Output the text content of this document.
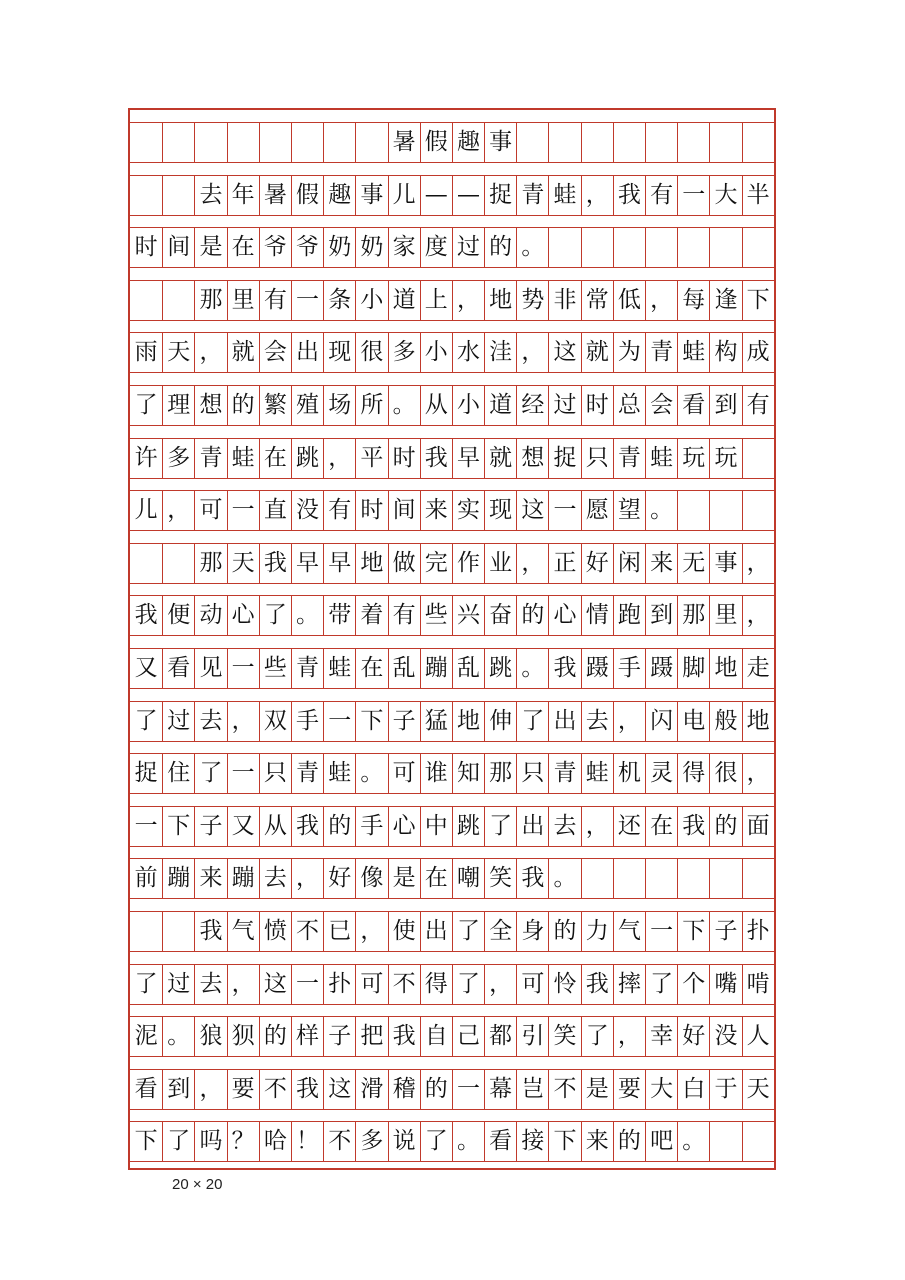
暑 假 趣 事
去 年 暑 假 趣 事 儿 — — 捉 青 蛙 ， 我 有 一 大 半
时 间 是 在 爷 爷 奶 奶 家 度 过 的 。
那 里 有 一 条 小 道 上 ， 地 势 非 常 低 ， 每 逢 下
雨 天 ， 就 会 出 现 很 多 小 水 洼 ， 这 就 为 青 蛙 构 成
了 理 想 的 繁 殖 场 所 。 从 小 道 经 过 时 总 会 看 到 有
许 多 青 蛙 在 跳 ， 平 时 我 早 就 想 捉 只 青 蛙 玩 玩
儿 ， 可 一 直 没 有 时 间 来 实 现 这 一 愿 望 。
那 天 我 早 早 地 做 完 作 业 ， 正 好 闲 来 无 事 ，
我 便 动 心 了 。 带 着 有 些 兴 奋 的 心 情 跑 到 那 里 ，
又 看 见 一 些 青 蛙 在 乱 蹦 乱 跳 。 我 蹑 手 蹑 脚 地 走
了 过 去 ， 双 手 一 下 子 猛 地 伸 了 出 去 ， 闪 电 般 地
捉 住 了 一 只 青 蛙 。 可 谁 知 那 只 青 蛙 机 灵 得 很 ，
一 下 子 又 从 我 的 手 心 中 跳 了 出 去 ， 还 在 我 的 面
前 蹦 来 蹦 去 ， 好 像 是 在 嘲 笑 我 。
我 气 愤 不 已 ， 使 出 了 全 身 的 力 气 一 下 子 扑
了 过 去 ， 这 一 扑 可 不 得 了 ， 可 怜 我 摔 了 个 嘴 啃
泥 。 狼 狈 的 样 子 把 我 自 己 都 引 笑 了 ， 幸 好 没 人
看 到 ， 要 不 我 这 滑 稽 的 一 幕 岂 不 是 要 大 白 于 天
下 了 吗 ？ 哈 ！ 不 多 说 了 。 看 接 下 来 的 吧 。
20 × 20
